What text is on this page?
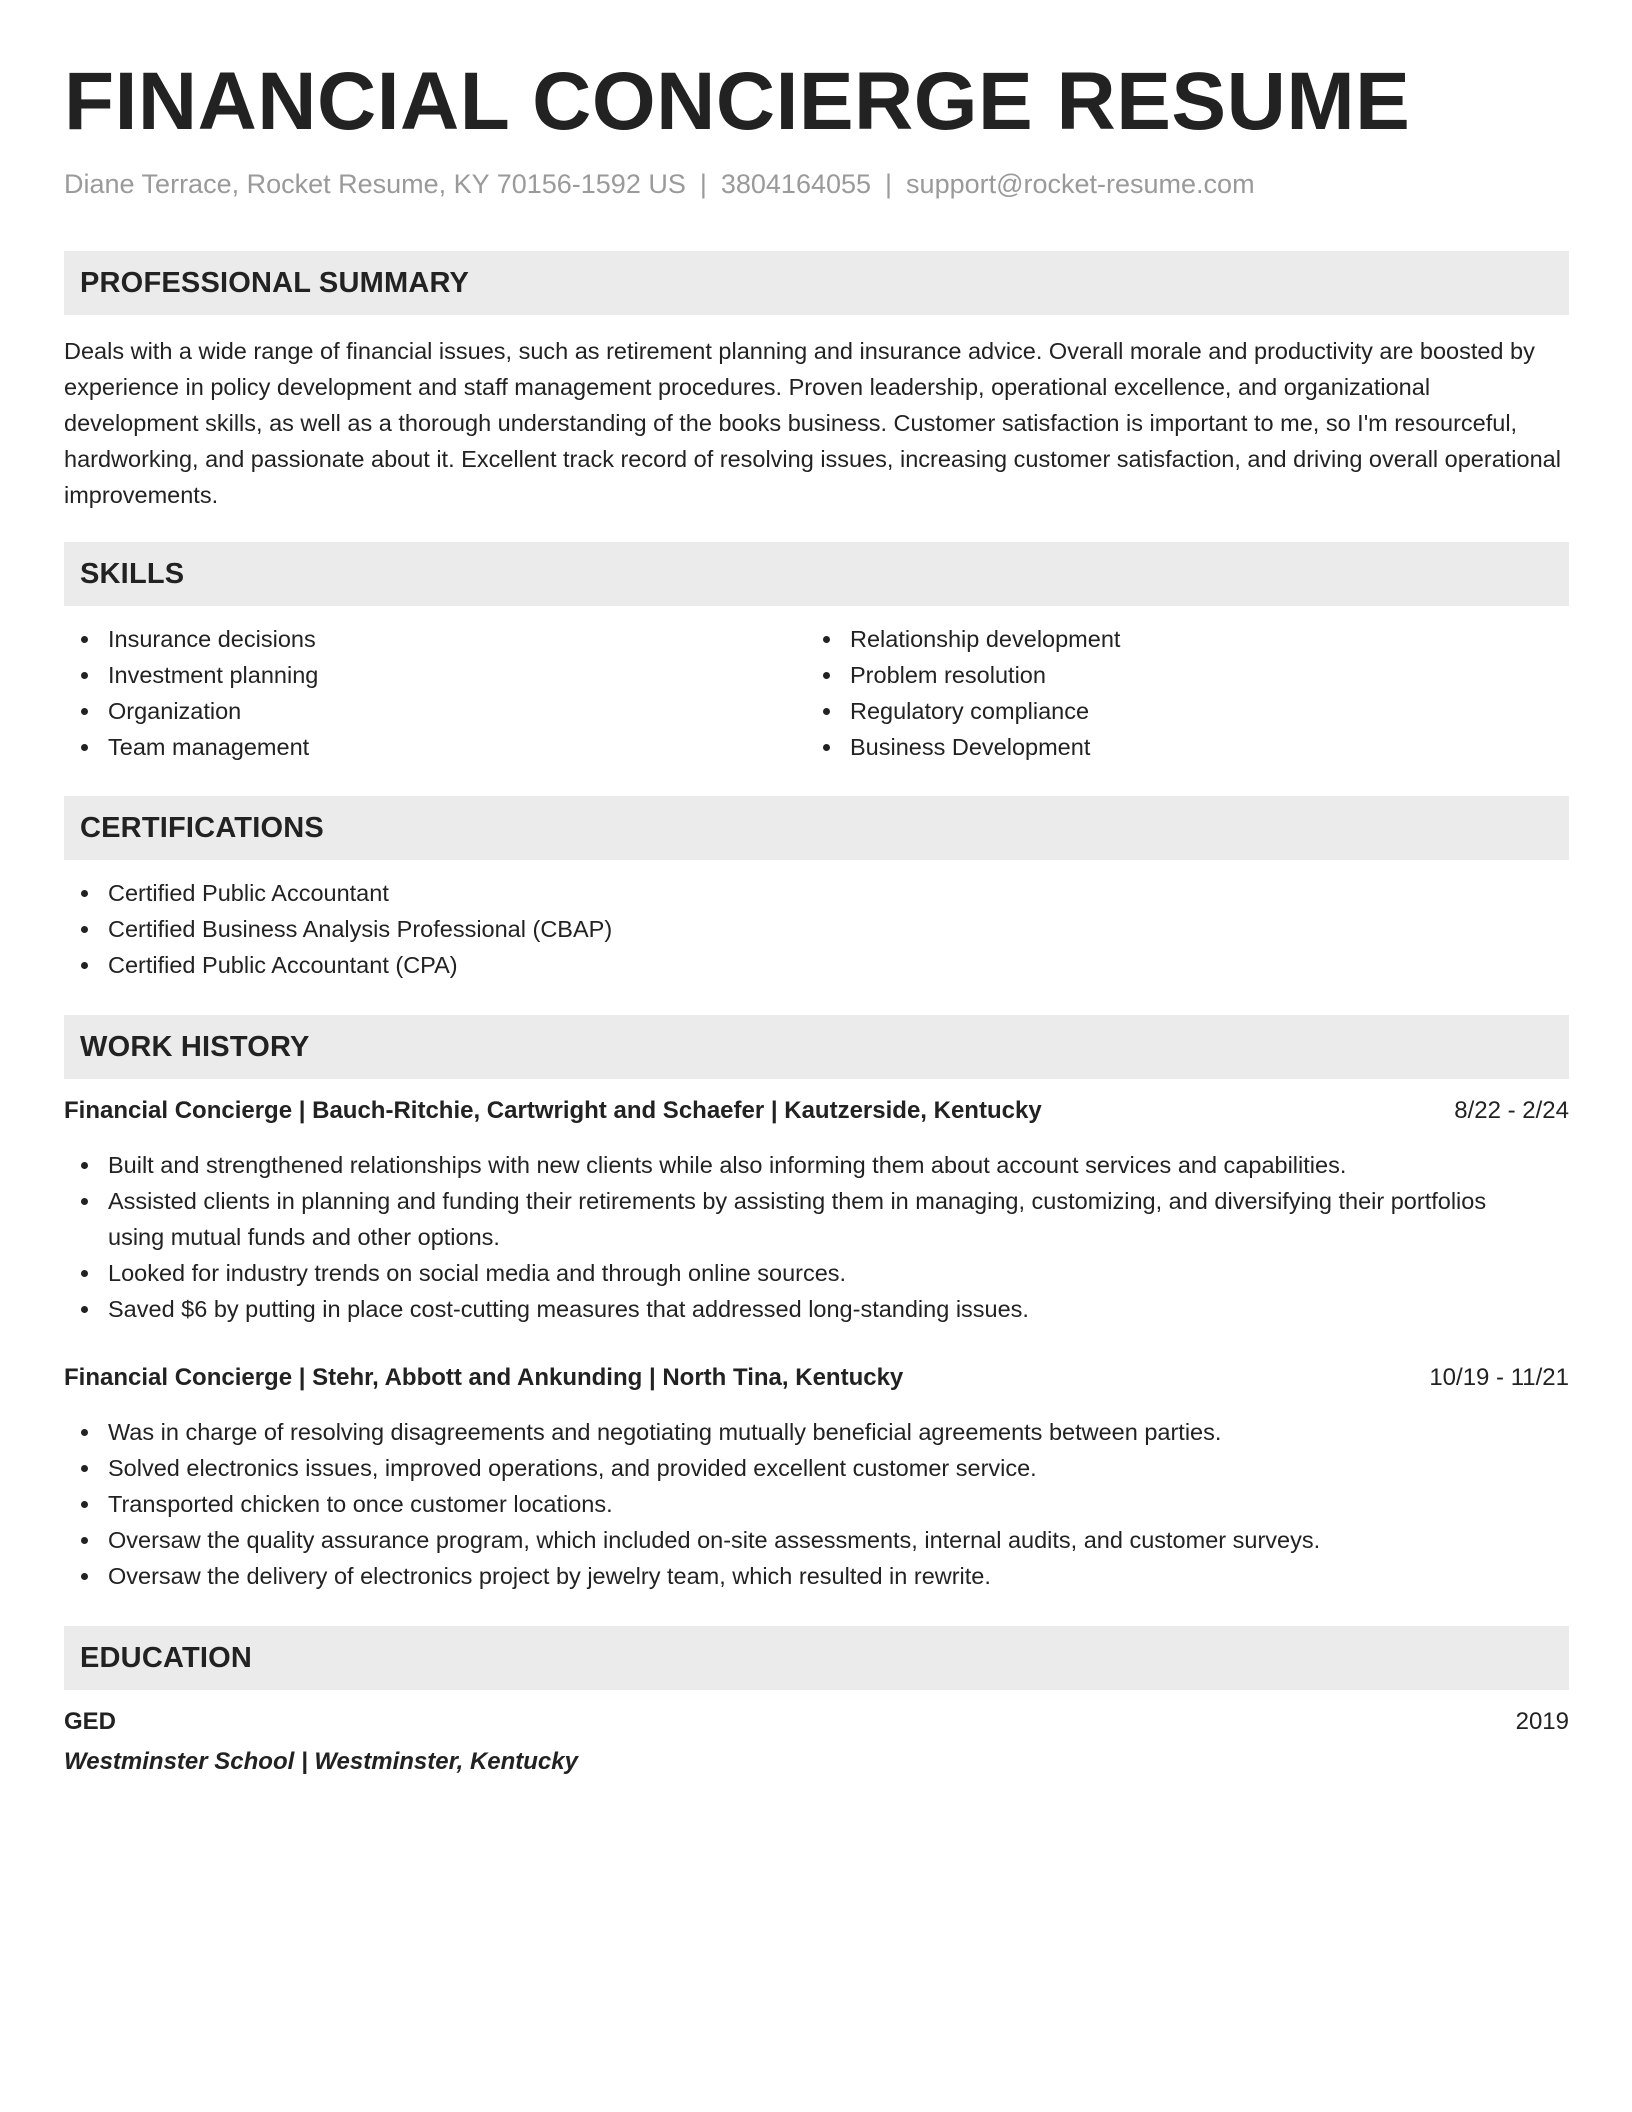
FINANCIAL CONCIERGE RESUME
Diane Terrace, Rocket Resume, KY 70156-1592 US | 3804164055 | support@rocket-resume.com
PROFESSIONAL SUMMARY

Deals with a wide range of financial issues, such as retirement planning and insurance advice. Overall morale and productivity are boosted by experience in policy development and staff management procedures. Proven leadership, operational excellence, and organizational development skills, as well as a thorough understanding of the books business. Customer satisfaction is important to me, so I'm resourceful, hardworking, and passionate about it. Excellent track record of resolving issues, increasing customer satisfaction, and driving overall operational improvements.

SKILLS
Insurance decisions
Investment planning
Organization
Team management
Relationship development
Problem resolution
Regulatory compliance
Business Development
CERTIFICATIONS
Certified Public Accountant
Certified Business Analysis Professional (CBAP)
Certified Public Accountant (CPA)
WORK HISTORY
Financial Concierge | Bauch-Ritchie, Cartwright and Schaefer | Kautzerside, Kentucky	8/22 - 2/24
Built and strengthened relationships with new clients while also informing them about account services and capabilities.
Assisted clients in planning and funding their retirements by assisting them in managing, customizing, and diversifying their portfolios using mutual funds and other options.
Looked for industry trends on social media and through online sources.
Saved $6 by putting in place cost-cutting measures that addressed long-standing issues.
Financial Concierge | Stehr, Abbott and Ankunding | North Tina, Kentucky	10/19 - 11/21
Was in charge of resolving disagreements and negotiating mutually beneficial agreements between parties.
Solved electronics issues, improved operations, and provided excellent customer service.
Transported chicken to once customer locations.
Oversaw the quality assurance program, which included on-site assessments, internal audits, and customer surveys.
Oversaw the delivery of electronics project by jewelry team, which resulted in rewrite.
EDUCATION
GED	2019
Westminster School | Westminster, Kentucky
